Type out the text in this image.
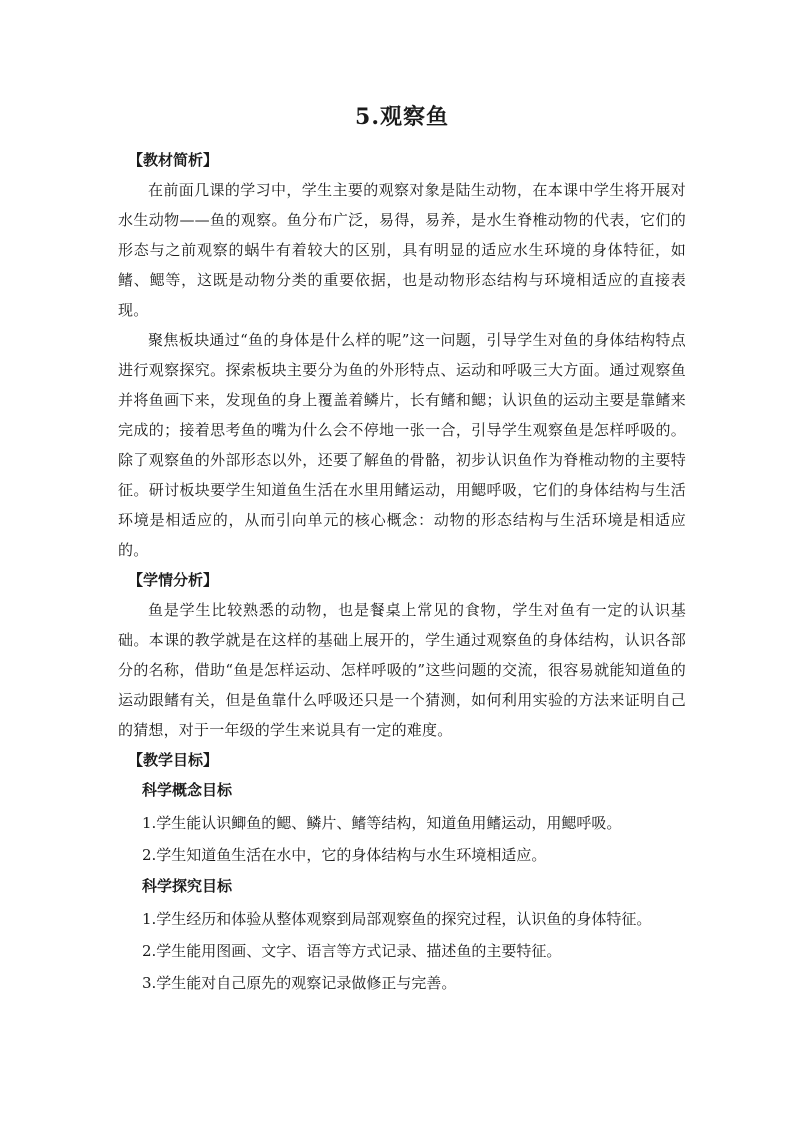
5.观察鱼

【教材简析】

在前面几课的学习中，学生主要的观察对象是陆生动物，在本课中学生将开展对水生动物——鱼的观察。鱼分布广泛，易得，易养，是水生脊椎动物的代表，它们的形态与之前观察的蜗牛有着较大的区别，具有明显的适应水生环境的身体特征，如鳍、鳃等，这既是动物分类的重要依据，也是动物形态结构与环境相适应的直接表现。

聚焦板块通过“鱼的身体是什么样的呢”这一问题，引导学生对鱼的身体结构特点进行观察探究。探索板块主要分为鱼的外形特点、运动和呼吸三大方面。通过观察鱼并将鱼画下来，发现鱼的身上覆盖着鳞片，长有鳍和鳃；认识鱼的运动主要是靠鳍来完成的；接着思考鱼的嘴为什么会不停地一张一合，引导学生观察鱼是怎样呼吸的。除了观察鱼的外部形态以外，还要了解鱼的骨骼，初步认识鱼作为脊椎动物的主要特征。研讨板块要学生知道鱼生活在水里用鳍运动，用鳃呼吸，它们的身体结构与生活环境是相适应的，从而引向单元的核心概念：动物的形态结构与生活环境是相适应的。

【学情分析】

鱼是学生比较熟悉的动物，也是餐桌上常见的食物，学生对鱼有一定的认识基础。本课的教学就是在这样的基础上展开的，学生通过观察鱼的身体结构，认识各部分的名称，借助“鱼是怎样运动、怎样呼吸的”这些问题的交流，很容易就能知道鱼的运动跟鳍有关，但是鱼靠什么呼吸还只是一个猜测，如何利用实验的方法来证明自己的猜想，对于一年级的学生来说具有一定的难度。

【教学目标】

科学概念目标

1.学生能认识鲫鱼的鳃、鳞片、鳍等结构，知道鱼用鳍运动，用鳃呼吸。

2.学生知道鱼生活在水中，它的身体结构与水生环境相适应。

科学探究目标

1.学生经历和体验从整体观察到局部观察鱼的探究过程，认识鱼的身体特征。

2.学生能用图画、文字、语言等方式记录、描述鱼的主要特征。

3.学生能对自己原先的观察记录做修正与完善。
